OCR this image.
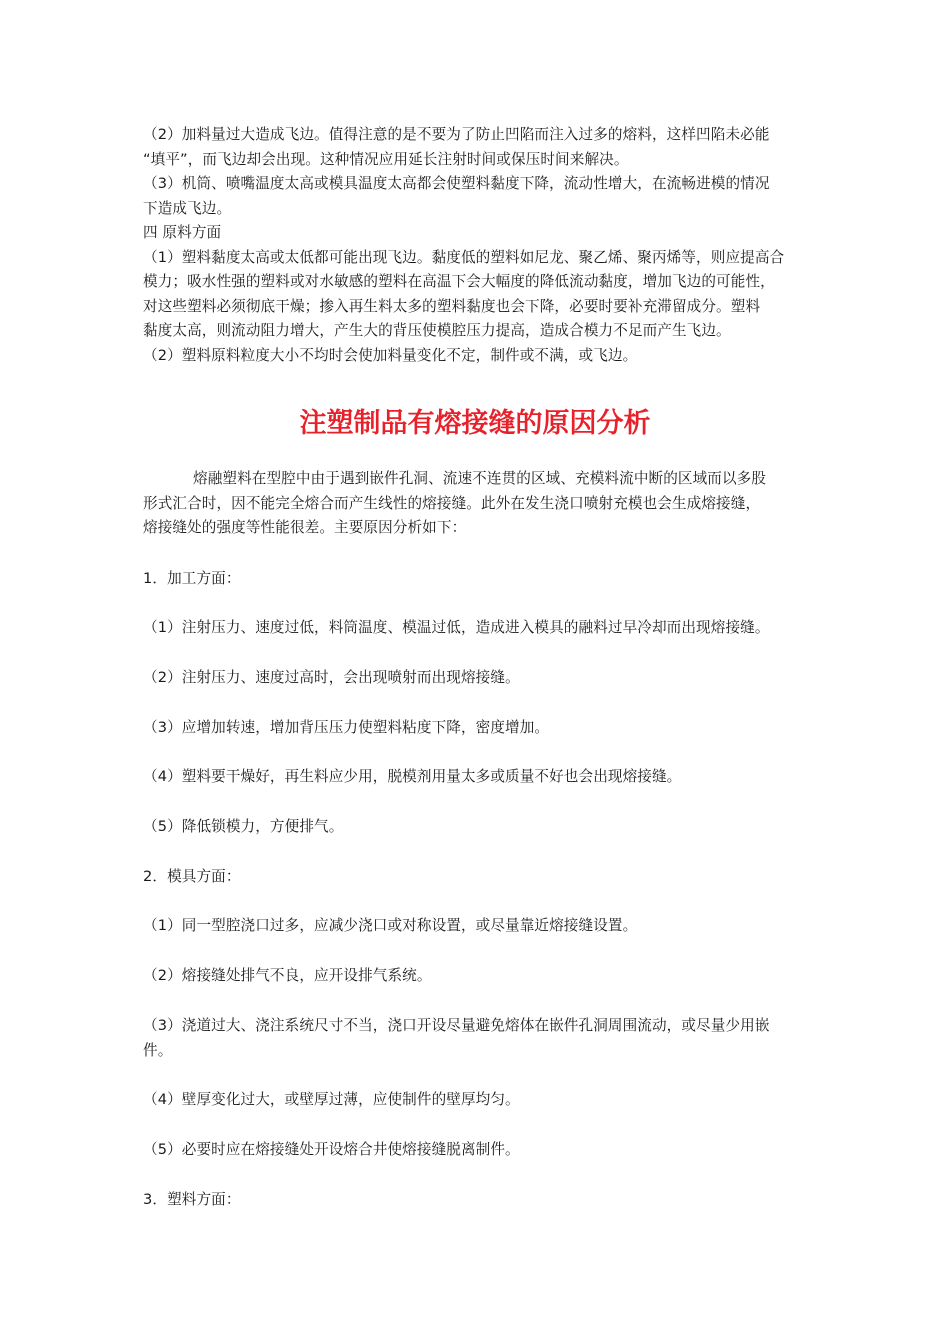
（2）加料量过大造成飞边。值得注意的是不要为了防止凹陷而注入过多的熔料，这样凹陷未必能
“填平”，而飞边却会出现。这种情况应用延长注射时间或保压时间来解决。
（3）机筒、喷嘴温度太高或模具温度太高都会使塑料黏度下降，流动性增大，在流畅进模的情况
下造成飞边。
四 原料方面
（1）塑料黏度太高或太低都可能出现飞边。黏度低的塑料如尼龙、聚乙烯、聚丙烯等，则应提高合
模力；吸水性强的塑料或对水敏感的塑料在高温下会大幅度的降低流动黏度，增加飞边的可能性，
对这些塑料必须彻底干燥；掺入再生料太多的塑料黏度也会下降，必要时要补充滞留成分。塑料
黏度太高，则流动阻力增大，产生大的背压使模腔压力提高，造成合模力不足而产生飞边。
（2）塑料原料粒度大小不均时会使加料量变化不定，制件或不满，或飞边。
注塑制品有熔接缝的原因分析
熔融塑料在型腔中由于遇到嵌件孔洞、流速不连贯的区域、充模料流中断的区域而以多股
形式汇合时，因不能完全熔合而产生线性的熔接缝。此外在发生浇口喷射充模也会生成熔接缝，
熔接缝处的强度等性能很差。主要原因分析如下：
1．加工方面：
（1）注射压力、速度过低，料筒温度、模温过低，造成进入模具的融料过早冷却而出现熔接缝。
（2）注射压力、速度过高时，会出现喷射而出现熔接缝。
（3）应增加转速，增加背压压力使塑料粘度下降，密度增加。
（4）塑料要干燥好，再生料应少用，脱模剂用量太多或质量不好也会出现熔接缝。
（5）降低锁模力，方便排气。
2．模具方面：
（1）同一型腔浇口过多，应减少浇口或对称设置，或尽量靠近熔接缝设置。
（2）熔接缝处排气不良，应开设排气系统。
（3）浇道过大、浇注系统尺寸不当，浇口开设尽量避免熔体在嵌件孔洞周围流动，或尽量少用嵌
件。
（4）壁厚变化过大，或壁厚过薄，应使制件的壁厚均匀。
（5）必要时应在熔接缝处开设熔合井使熔接缝脱离制件。
3．塑料方面：
